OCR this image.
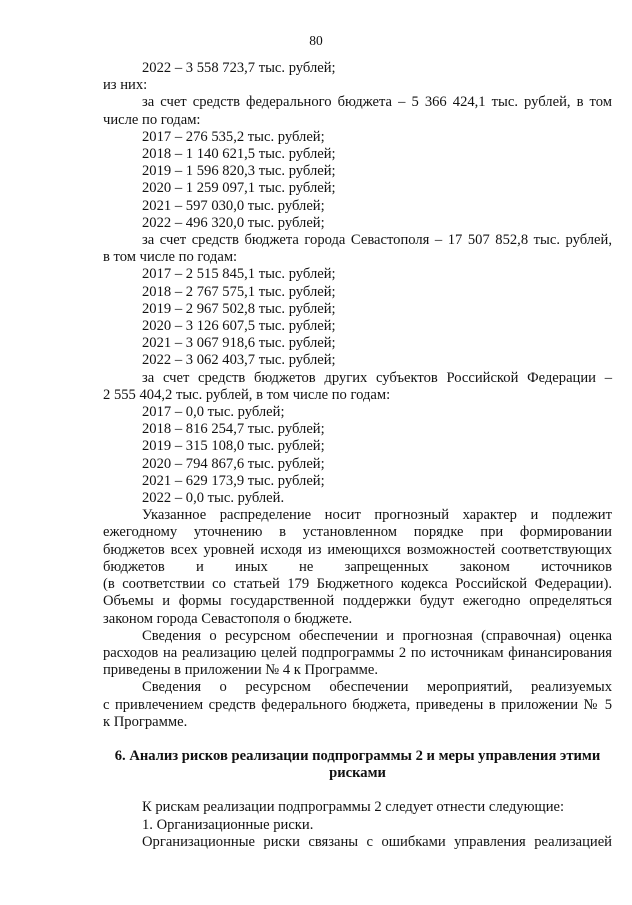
80
2022 – 3 558 723,7 тыс. рублей;
из них:
за счет средств федерального бюджета – 5 366 424,1 тыс. рублей, в том
числе по годам:
2017 – 276 535,2 тыс. рублей;
2018 – 1 140 621,5 тыс. рублей;
2019 – 1 596 820,3 тыс. рублей;
2020 – 1 259 097,1 тыс. рублей;
2021 – 597 030,0 тыс. рублей;
2022 – 496 320,0 тыс. рублей;
за счет средств бюджета города Севастополя – 17 507 852,8 тыс. рублей,
в том числе по годам:
2017 – 2 515 845,1 тыс. рублей;
2018 – 2 767 575,1 тыс. рублей;
2019 – 2 967 502,8 тыс. рублей;
2020 – 3 126 607,5 тыс. рублей;
2021 – 3 067 918,6 тыс. рублей;
2022 – 3 062 403,7 тыс. рублей;
за счет средств бюджетов других субъектов Российской Федерации –
2 555 404,2 тыс. рублей, в том числе по годам:
2017 – 0,0 тыс. рублей;
2018 – 816 254,7 тыс. рублей;
2019 – 315 108,0 тыс. рублей;
2020 – 794 867,6 тыс. рублей;
2021 – 629 173,9 тыс. рублей;
2022 – 0,0 тыс. рублей.
Указанное распределение носит прогнозный характер и подлежит
ежегодному уточнению в установленном порядке при формировании
бюджетов всех уровней исходя из имеющихся возможностей соответствующих
бюджетов и иных не запрещенных законом источников
(в соответствии со статьей 179 Бюджетного кодекса Российской Федерации).
Объемы и формы государственной поддержки будут ежегодно определяться
законом города Севастополя о бюджете.
Сведения о ресурсном обеспечении и прогнозная (справочная) оценка
расходов на реализацию целей подпрограммы 2 по источникам финансирования
приведены в приложении № 4 к Программе.
Сведения о ресурсном обеспечении мероприятий, реализуемых
с привлечением средств федерального бюджета, приведены в приложении № 5
к Программе.
6. Анализ рисков реализации подпрограммы 2 и меры управления этими
рисками
К рискам реализации подпрограммы 2 следует отнести следующие:
1. Организационные риски.
Организационные риски связаны с ошибками управления реализацией
